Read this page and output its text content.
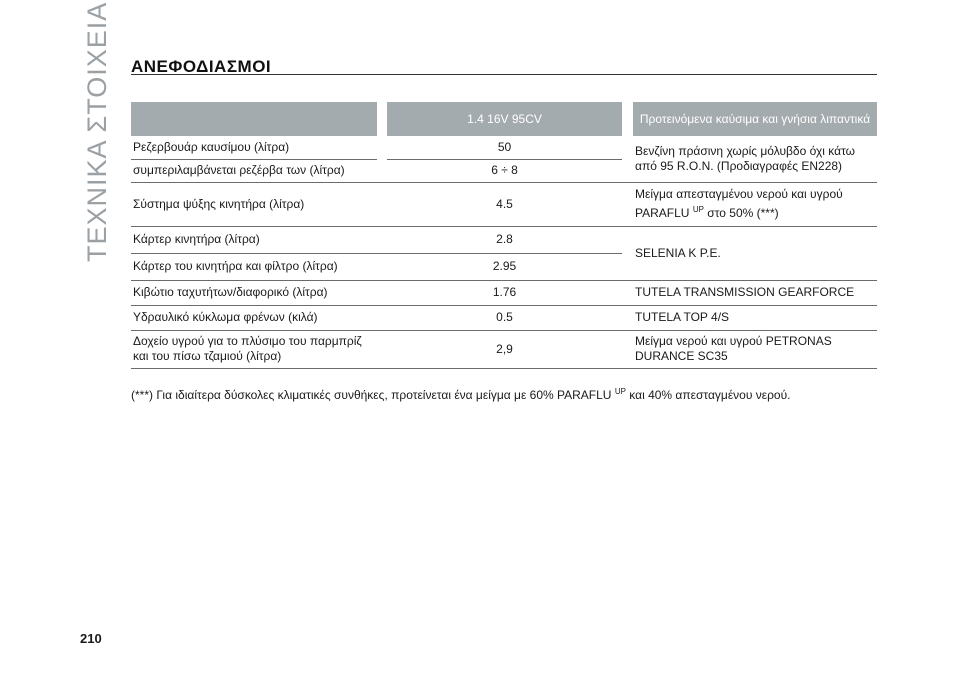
ΤΕΧΝΙΚΑ ΣΤΟΙΧΕΙΑ ΑΝΕΦΟΔΙΑΣΜΟΙ
		1.4 16V 95CV		Προτεινόμενα καύσιμα και γνήσια λιπαντικά
Ρεζερβουάρ καυσίμου (λίτρα)		50		Βενζίνη πράσινη χωρίς μόλυβδο όχι κάτω από 95 R.O.N. (Προδιαγραφές EN228)
συμπεριλαμβάνεται ρεζέρβα των (λίτρα)		6 ÷ 8		
Σύστημα ψύξης κινητήρα (λίτρα)		4.5		Μείγμα απεσταγμένου νερού και υγρού PARAFLU $^{UP}$ στο 50% (***)
Κάρτερ κινητήρα (λίτρα)		2.8		SELENIA K P.E.
Κάρτερ του κινητήρα και φίλτρο (λίτρα)		2.95		
Κιβώτιο ταχυτήτων/διαφορικό (λίτρα)		1.76		TUTELA TRANSMISSION GEARFORCE
Υδραυλικό κύκλωμα φρένων (κιλά)		0.5		TUTELA TOP 4/S
Δοχείο υγρού για το πλύσιμο του παρμπρίζ και του πίσω τζαμιού (λίτρα)		2,9		Μείγμα νερού και υγρού PETRONAS DURANCE SC35
(***) Για ιδιαίτερα δύσκολες κλιματικές συνθήκες, προτείνεται ένα μείγμα με 60% PARAFLU $^{UP}$ και 40% απεσταγμένου νερού.
210
